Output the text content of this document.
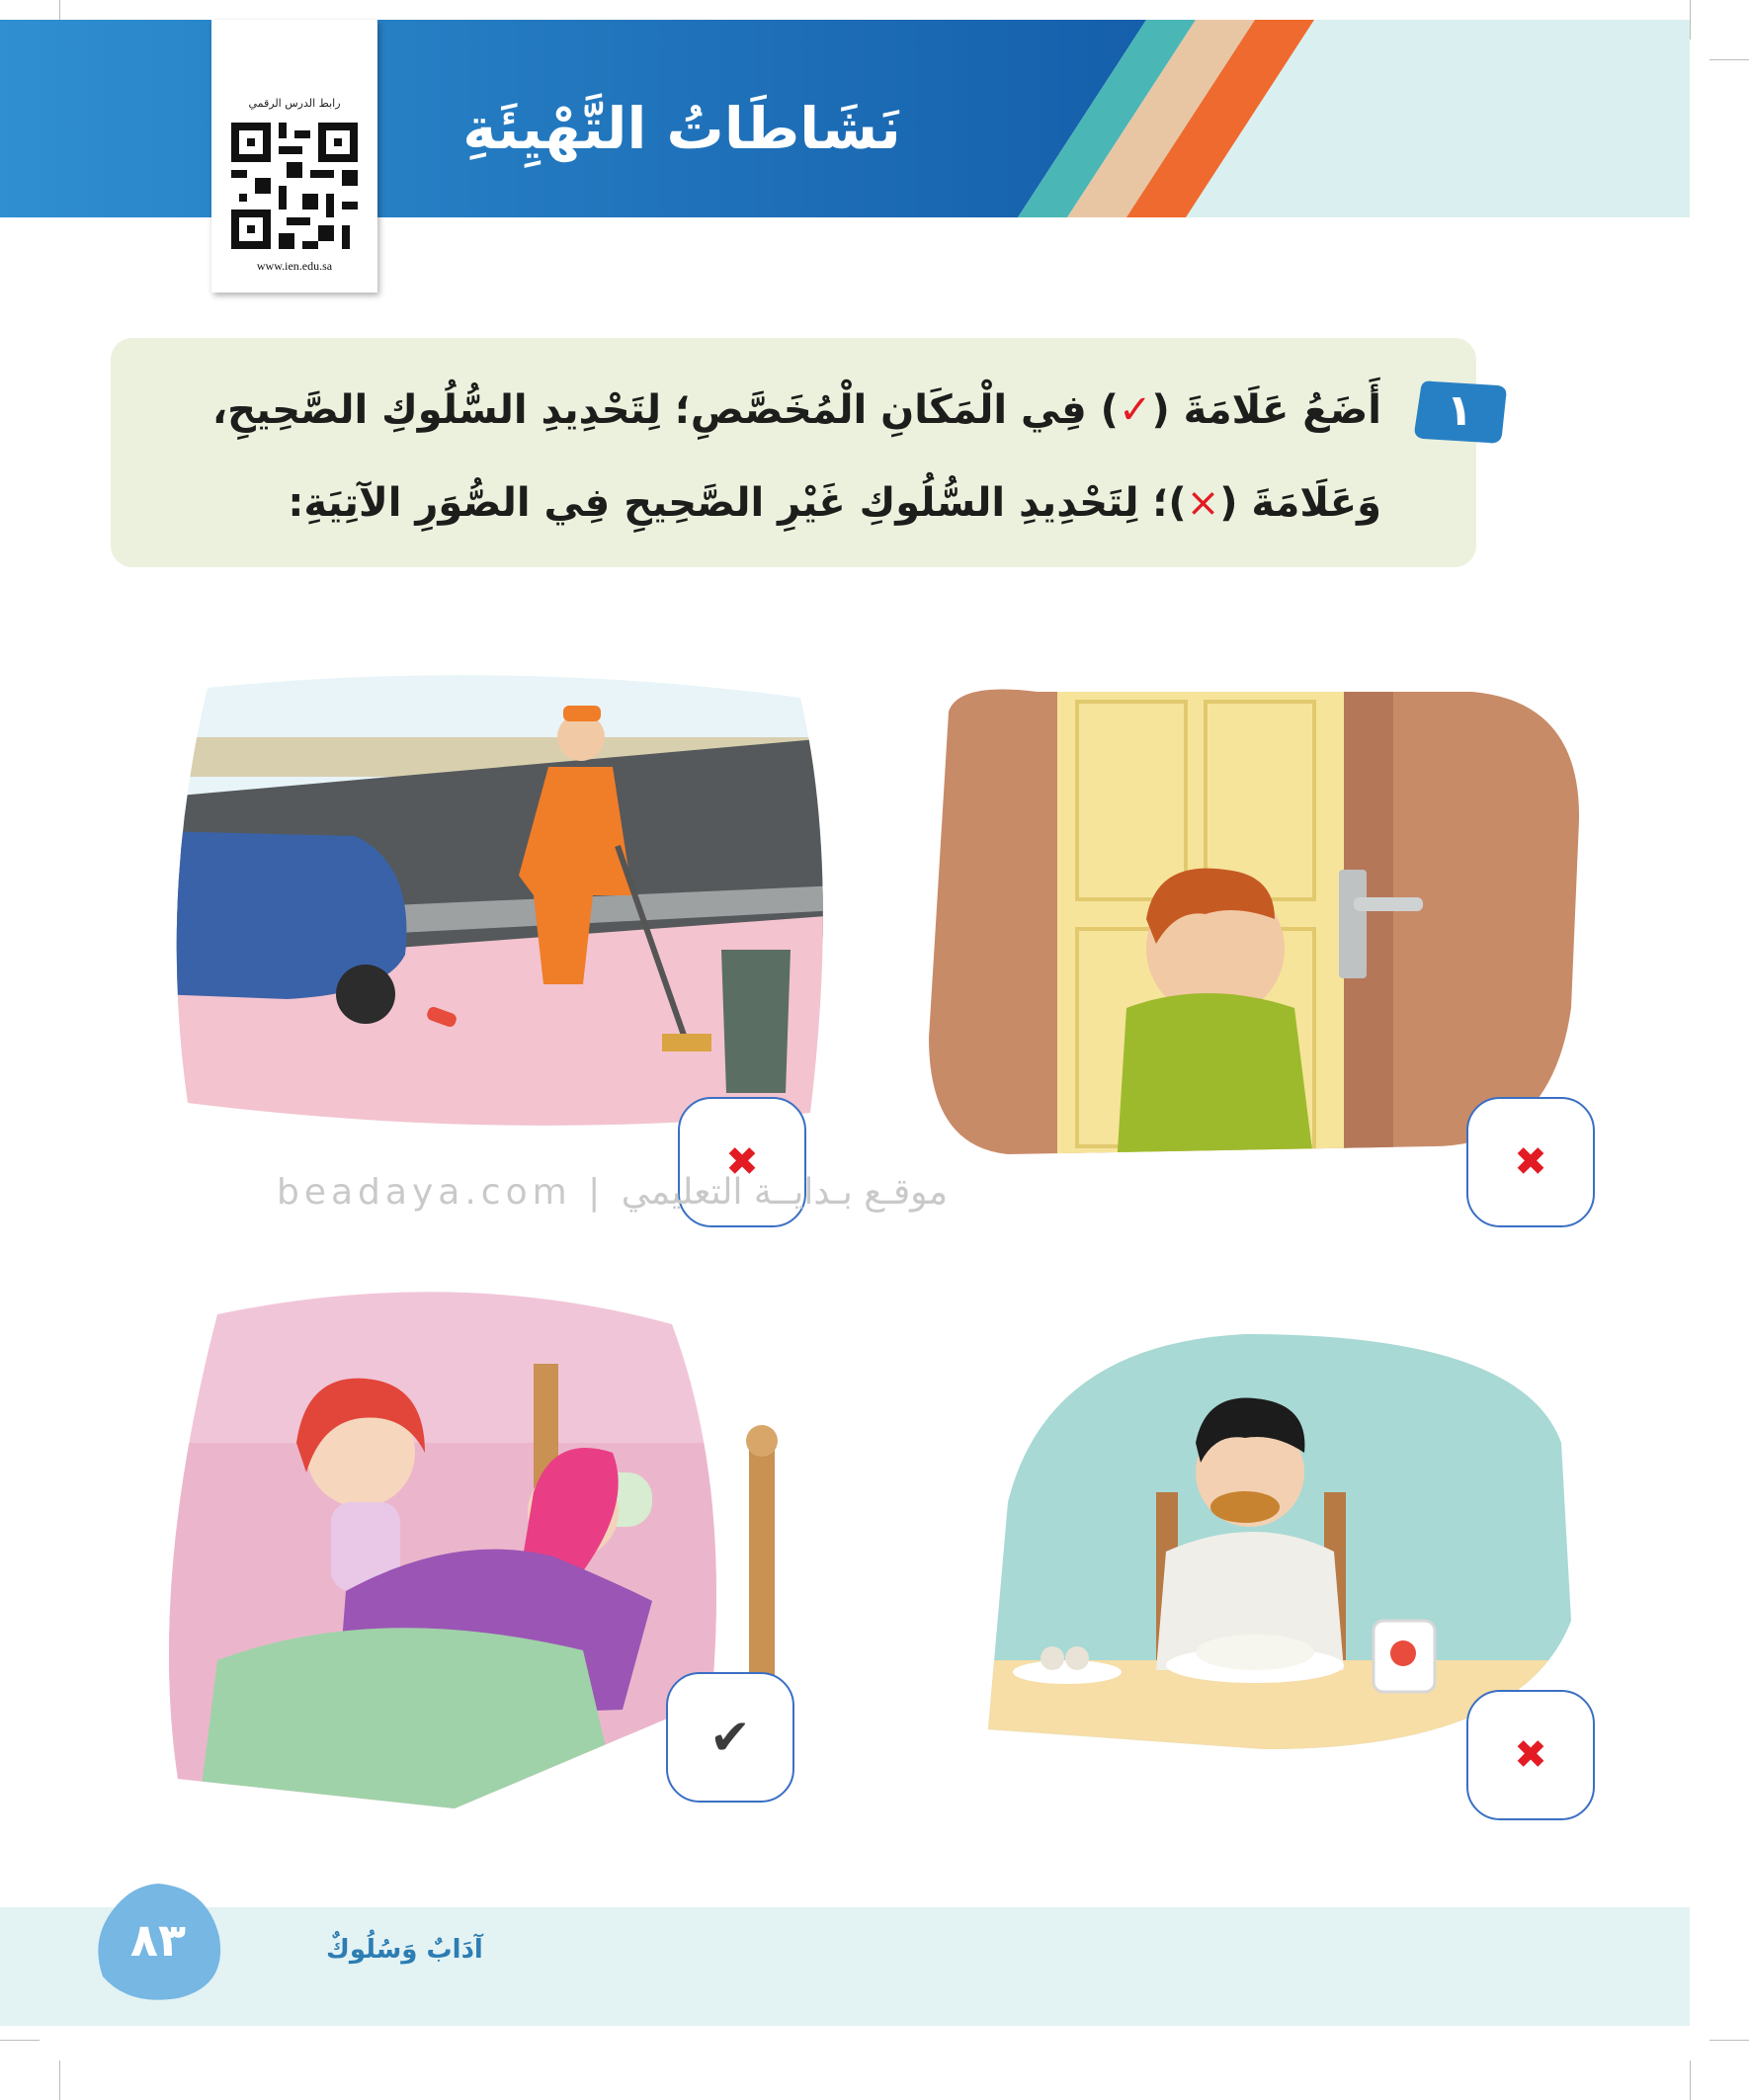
نَشَاطَاتُ التَّهْيِئَةِ
رابط الدرس الرقمي
www.ien.edu.sa
١
أَضَعُ عَلَامَةَ (✓) فِي الْمَكَانِ الْمُخَصَّصِ؛ لِتَحْدِيدِ السُّلُوكِ الصَّحِيحِ،
وَعَلَامَةَ (×)؛ لِتَحْدِيدِ السُّلُوكِ غَيْرِ الصَّحِيحِ فِي الصُّوَرِ الآتِيَةِ:
✖	✖
✔	✖
beadaya.com | موقـع بـدايــة التعليمي
٨٣	آدَابٌ وَسُلُوكٌ
